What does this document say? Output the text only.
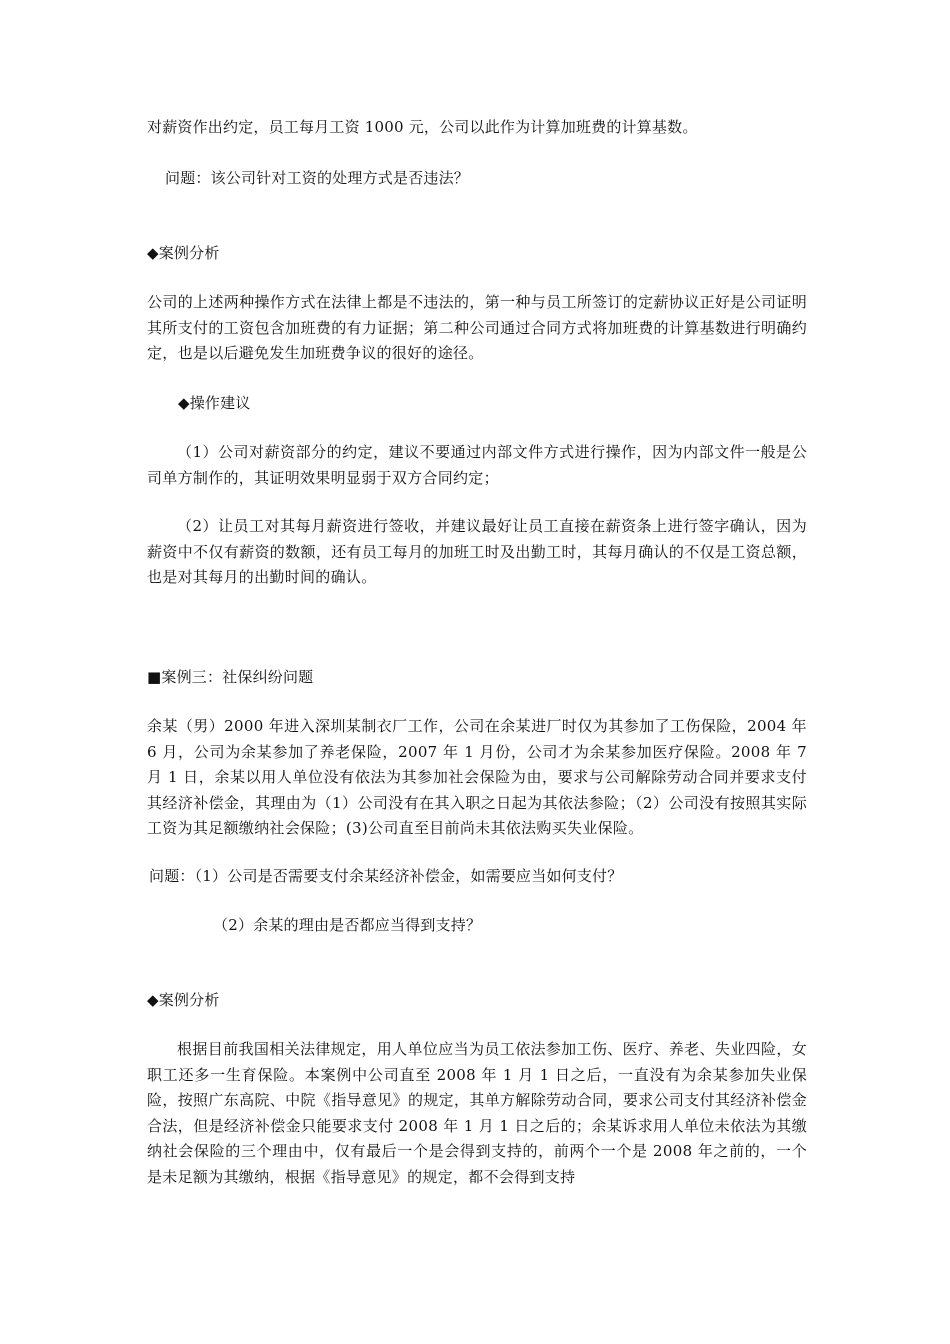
对薪资作出约定，员工每月工资 1000 元，公司以此作为计算加班费的计算基数。
问题：该公司针对工资的处理方式是否违法？
◆案例分析
公司的上述两种操作方式在法律上都是不违法的，第一种与员工所签订的定薪协议正好是公司证明其所支付的工资包含加班费的有力证据；第二种公司通过合同方式将加班费的计算基数进行明确约定，也是以后避免发生加班费争议的很好的途径。
◆操作建议
（1）公司对薪资部分的约定，建议不要通过内部文件方式进行操作，因为内部文件一般是公司单方制作的，其证明效果明显弱于双方合同约定；
（2）让员工对其每月薪资进行签收，并建议最好让员工直接在薪资条上进行签字确认，因为薪资中不仅有薪资的数额，还有员工每月的加班工时及出勤工时，其每月确认的不仅是工资总额，也是对其每月的出勤时间的确认。
■案例三：社保纠纷问题
余某（男）2000 年进入深圳某制衣厂工作，公司在余某进厂时仅为其参加了工伤保险，2004 年 6 月，公司为余某参加了养老保险，2007 年 1 月份，公司才为余某参加医疗保险。2008 年 7 月 1 日，余某以用人单位没有依法为其参加社会保险为由，要求与公司解除劳动合同并要求支付其经济补偿金，其理由为（1）公司没有在其入职之日起为其依法参险；（2）公司没有按照其实际工资为其足额缴纳社会保险；(3)公司直至目前尚未其依法购买失业保险。
问题：（1）公司是否需要支付余某经济补偿金，如需要应当如何支付？
（2）余某的理由是否都应当得到支持？
◆案例分析
根据目前我国相关法律规定，用人单位应当为员工依法参加工伤、医疗、养老、失业四险，女职工还多一生育保险。本案例中公司直至 2008 年 1 月 1 日之后，一直没有为余某参加失业保险，按照广东高院、中院《指导意见》的规定，其单方解除劳动合同，要求公司支付其经济补偿金合法，但是经济补偿金只能要求支付 2008 年 1 月 1 日之后的；余某诉求用人单位未依法为其缴纳社会保险的三个理由中，仅有最后一个是会得到支持的，前两个一个是 2008 年之前的，一个是未足额为其缴纳，根据《指导意见》的规定，都不会得到支持
